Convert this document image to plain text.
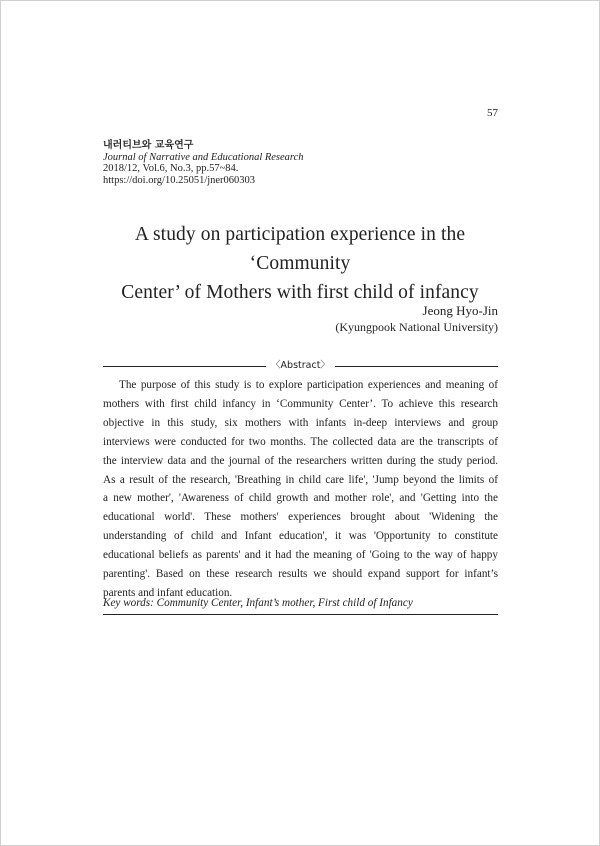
57
내러티브와 교육연구
Journal of Narrative and Educational Research
2018/12, Vol.6, No.3, pp.57~84.
https://doi.org/10.25051/jner060303
A study on participation experience in the ‘Community
Center’ of Mothers with first child of infancy
Jeong Hyo-Jin
(Kyungpook National University)
〈Abstract〉
The purpose of this study is to explore participation experiences and meaning of
mothers with first child infancy in ‘Community Center’. To achieve this research
objective in this study, six mothers with infants in-deep interviews and group
interviews were conducted for two months. The collected data are the transcripts of
the interview data and the journal of the researchers written during the study period.
As a result of the research, 'Breathing in child care life', 'Jump beyond the limits of
a new mother', 'Awareness of child growth and mother role', and 'Getting into the
educational world'. These mothers' experiences brought about 'Widening the
understanding of child and Infant education', it was 'Opportunity to constitute
educational beliefs as parents' and it had the meaning of 'Going to the way of happy
parenting'. Based on these research results we should expand support for infant’s
parents and infant education.
Key words: Community Center, Infant’s mother, First child of Infancy
